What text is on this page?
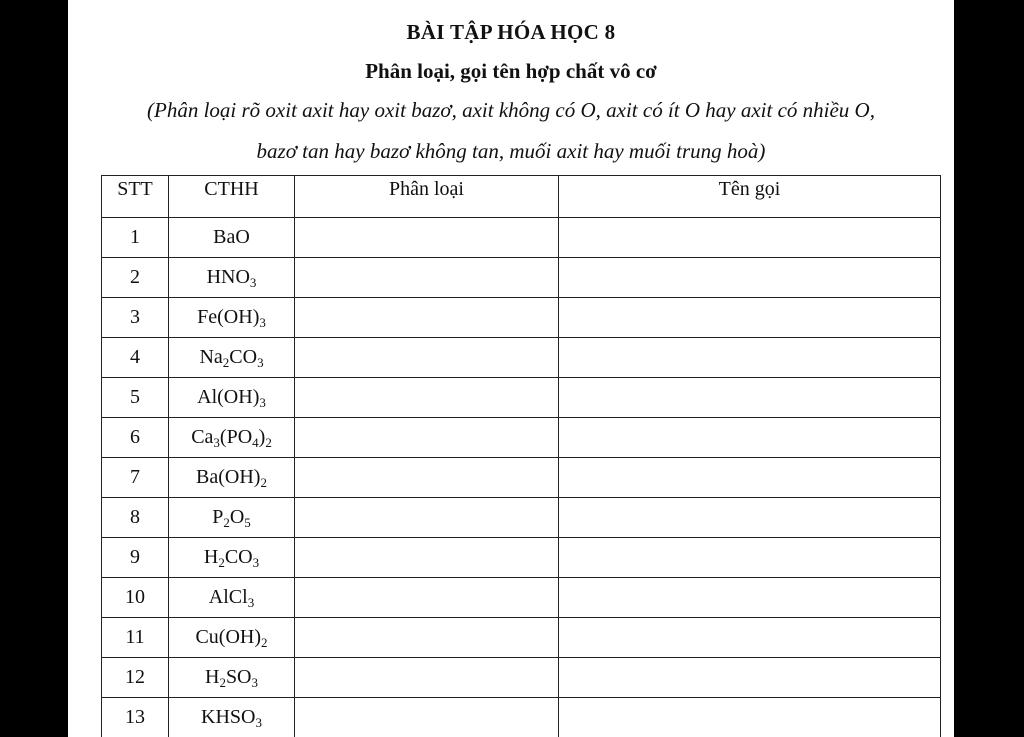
BÀI TẬP HÓA HỌC 8
Phân loại, gọi tên hợp chất vô cơ
(Phân loại rõ oxit axit hay oxit bazơ, axit không có O, axit có ít O hay axit có nhiều O,
bazơ tan hay bazơ không tan, muối axit hay muối trung hoà)
STT	CTHH	Phân loại	Tên gọi
1	BaO		
2	$HNO_3$		
3	$Fe(OH)_3$		
4	$Na_2CO_3$		
5	$Al(OH)_3$		
6	$Ca_3(PO_4)_2$		
7	$Ba(OH)_2$		
8	$P_2O_5$		
9	$H_2CO_3$		
10	AlCl$_3$		
11	$Cu(OH)_2$		
12	$H_2SO_3$		
13	$KHSO_3$		
